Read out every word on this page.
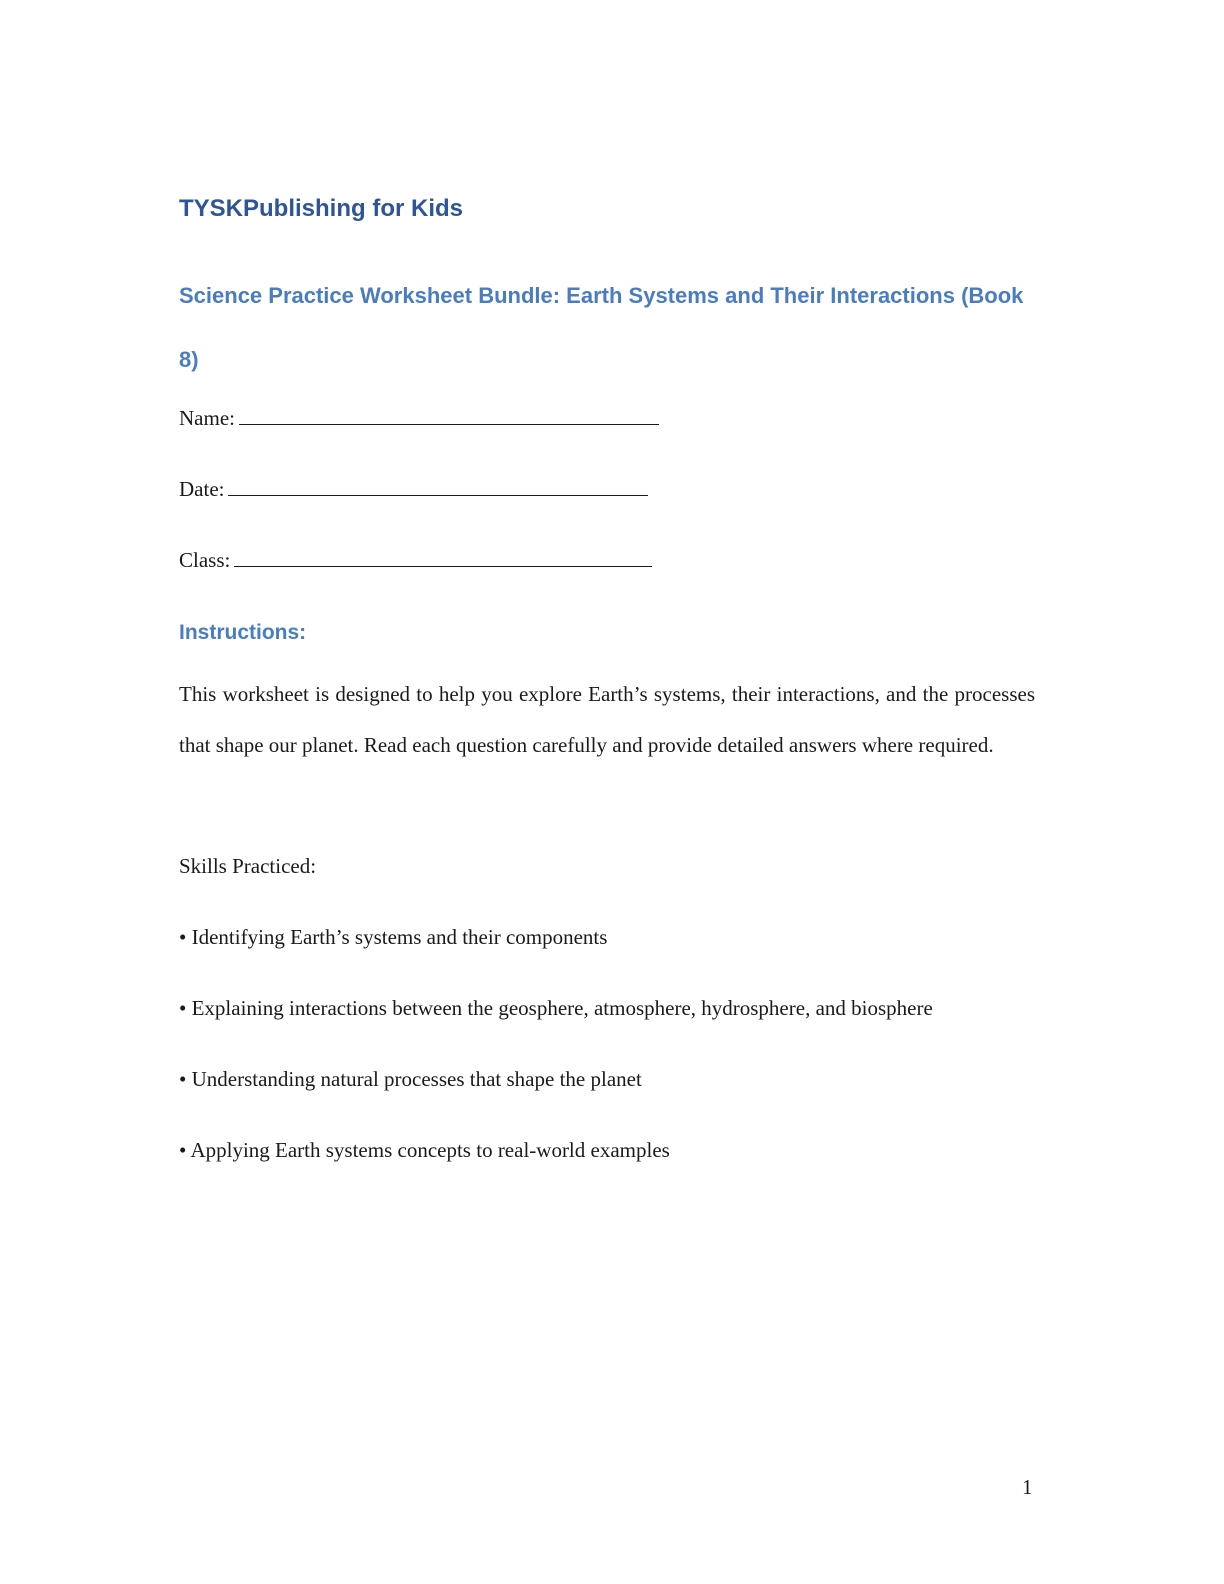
TYSKPublishing for Kids
Science Practice Worksheet Bundle: Earth Systems and Their Interactions (Book 8)
Name:
Date:
Class:
Instructions:

This worksheet is designed to help you explore Earth’s systems, their interactions, and the processes that shape our planet. Read each question carefully and provide detailed answers where required.

Skills Practiced:

• Identifying Earth’s systems and their components
• Explaining interactions between the geosphere, atmosphere, hydrosphere, and biosphere
• Understanding natural processes that shape the planet
• Applying Earth systems concepts to real-world examples
1
